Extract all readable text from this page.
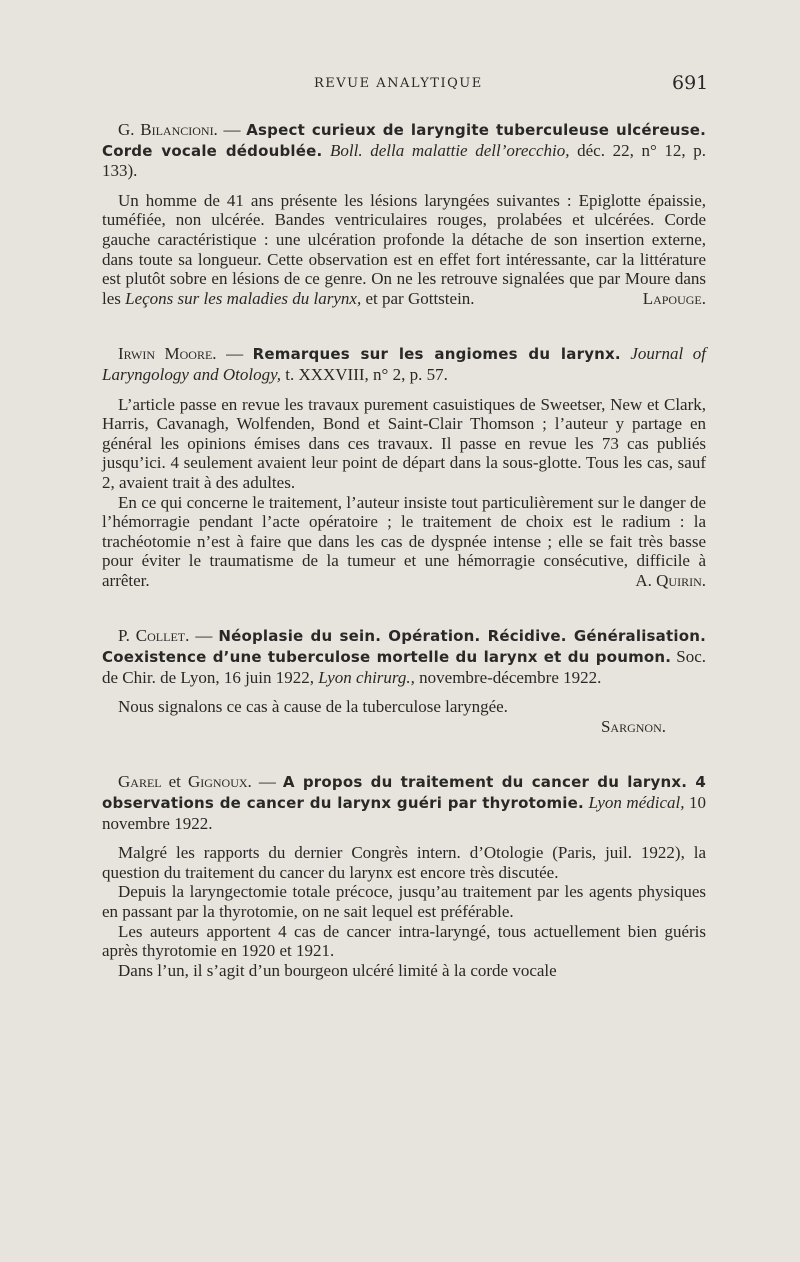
REVUE ANALYTIQUE	691

G. Bilancioni. — Aspect curieux de laryngite tuberculeuse ulcéreuse. Corde vocale dédoublée. Boll. della malattie dell’orecchio, déc. 22, n° 12, p. 133).

Un homme de 41 ans présente les lésions laryngées suivantes : Epiglotte épaissie, tuméfiée, non ulcérée. Bandes ventriculaires rouges, prolabées et ulcérées. Corde gauche caractéristique : une ulcération profonde la détache de son insertion externe, dans toute sa longueur. Cette observation est en effet fort intéressante, car la littérature est plutôt sobre en lésions de ce genre. On ne les retrouve signalées que par Moure dans les Leçons sur les maladies du larynx, et par Gottstein.	Lapouge.

Irwin Moore. — Remarques sur les angiomes du larynx. Journal of Laryngology and Otology, t. XXXVIII, n° 2, p. 57.

L’article passe en revue les travaux purement casuistiques de Sweetser, New et Clark, Harris, Cavanagh, Wolfenden, Bond et Saint-Clair Thomson ; l’auteur y partage en général les opinions émises dans ces travaux. Il passe en revue les 73 cas publiés jusqu’ici. 4 seulement avaient leur point de départ dans la sous-glotte. Tous les cas, sauf 2, avaient trait à des adultes.

En ce qui concerne le traitement, l’auteur insiste tout particulièrement sur le danger de l’hémorragie pendant l’acte opératoire ; le traitement de choix est le radium : la trachéotomie n’est à faire que dans les cas de dyspnée intense ; elle se fait très basse pour éviter le traumatisme de la tumeur et une hémorragie consécutive, difficile à arrêter.	A. Quirin.

P. Collet. — Néoplasie du sein. Opération. Récidive. Généralisation. Coexistence d’une tuberculose mortelle du larynx et du poumon. Soc. de Chir. de Lyon, 16 juin 1922, Lyon chirurg., novembre-décembre 1922.

Nous signalons ce cas à cause de la tuberculose laryngée.

Sargnon.

Garel et Gignoux. — A propos du traitement du cancer du larynx. 4 observations de cancer du larynx guéri par thyrotomie. Lyon médical, 10 novembre 1922.

Malgré les rapports du dernier Congrès intern. d’Otologie (Paris, juil. 1922), la question du traitement du cancer du larynx est encore très discutée.

Depuis la laryngectomie totale précoce, jusqu’au traitement par les agents physiques en passant par la thyrotomie, on ne sait lequel est préférable.

Les auteurs apportent 4 cas de cancer intra-laryngé, tous actuellement bien guéris après thyrotomie en 1920 et 1921.

Dans l’un, il s’agit d’un bourgeon ulcéré limité à la corde vocale
